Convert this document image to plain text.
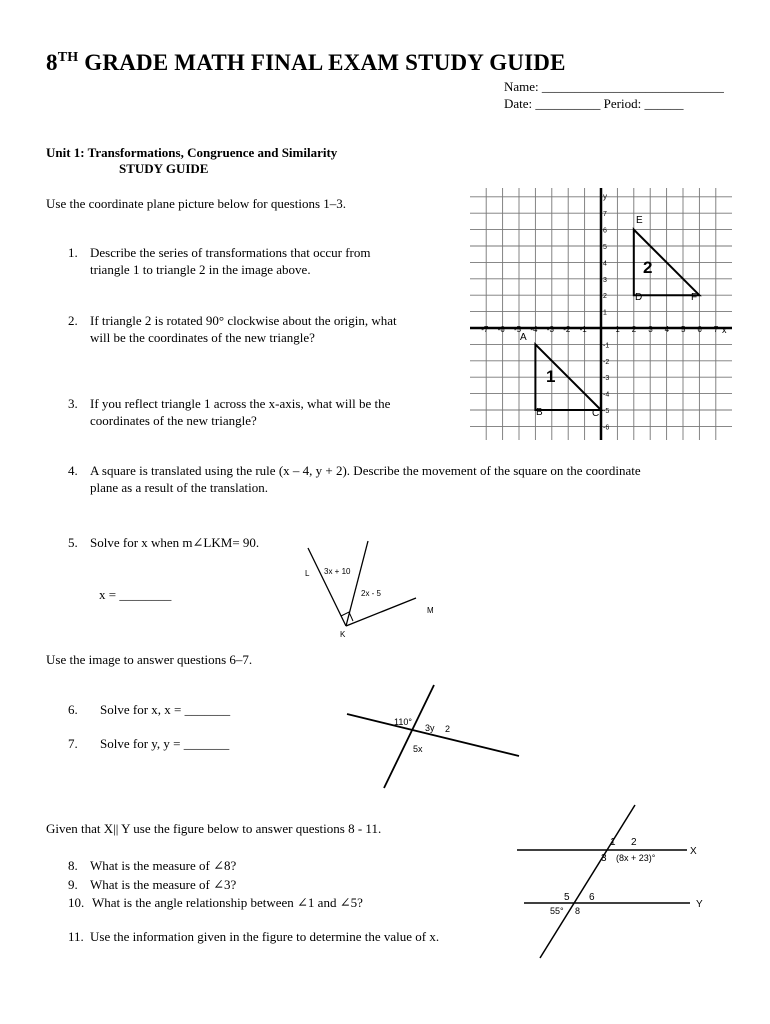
8TH GRADE MATH FINAL EXAM STUDY GUIDE
Name: ____________________________
Date: __________ Period: ______
Unit 1: Transformations, Congruence and Similarity
STUDY GUIDE
Use the coordinate plane picture below for questions 1–3.
1. Describe the series of transformations that occur from
triangle 1 to triangle 2 in the image above.
2. If triangle 2 is rotated 90° clockwise about the origin, what
will be the coordinates of the new triangle?
3. If you reflect triangle 1 across the x-axis, what will be the
coordinates of the new triangle?
4. A square is translated using the rule (x – 4, y + 2). Describe the movement of the square on the coordinate
plane as a result of the translation.
5. Solve for x when m∠LKM= 90.
x = ________
Use the image to answer questions 6–7.
6. Solve for x, x = _______
7. Solve for y, y = _______
Given that X|| Y use the figure below to answer questions 8 - 11.
8. What is the measure of ∠8?
9. What is the measure of ∠3?
10. What is the angle relationship between ∠1 and ∠5?
11. Use the information given in the figure to determine the value of x.
-7 -6 -5 -4 -3 -2 -1	1 2 3 4 5 6 7
7
6
5
4
3
2
1
-1
-2
-3
-4
-5
-6
y
x
1
2
A
B	C
D
E
F
L 3x + 10
2x - 5
K
M
110°
3y 2
5x
X
Y
1 2
3 (8x + 23)°
5 6
55° 8
